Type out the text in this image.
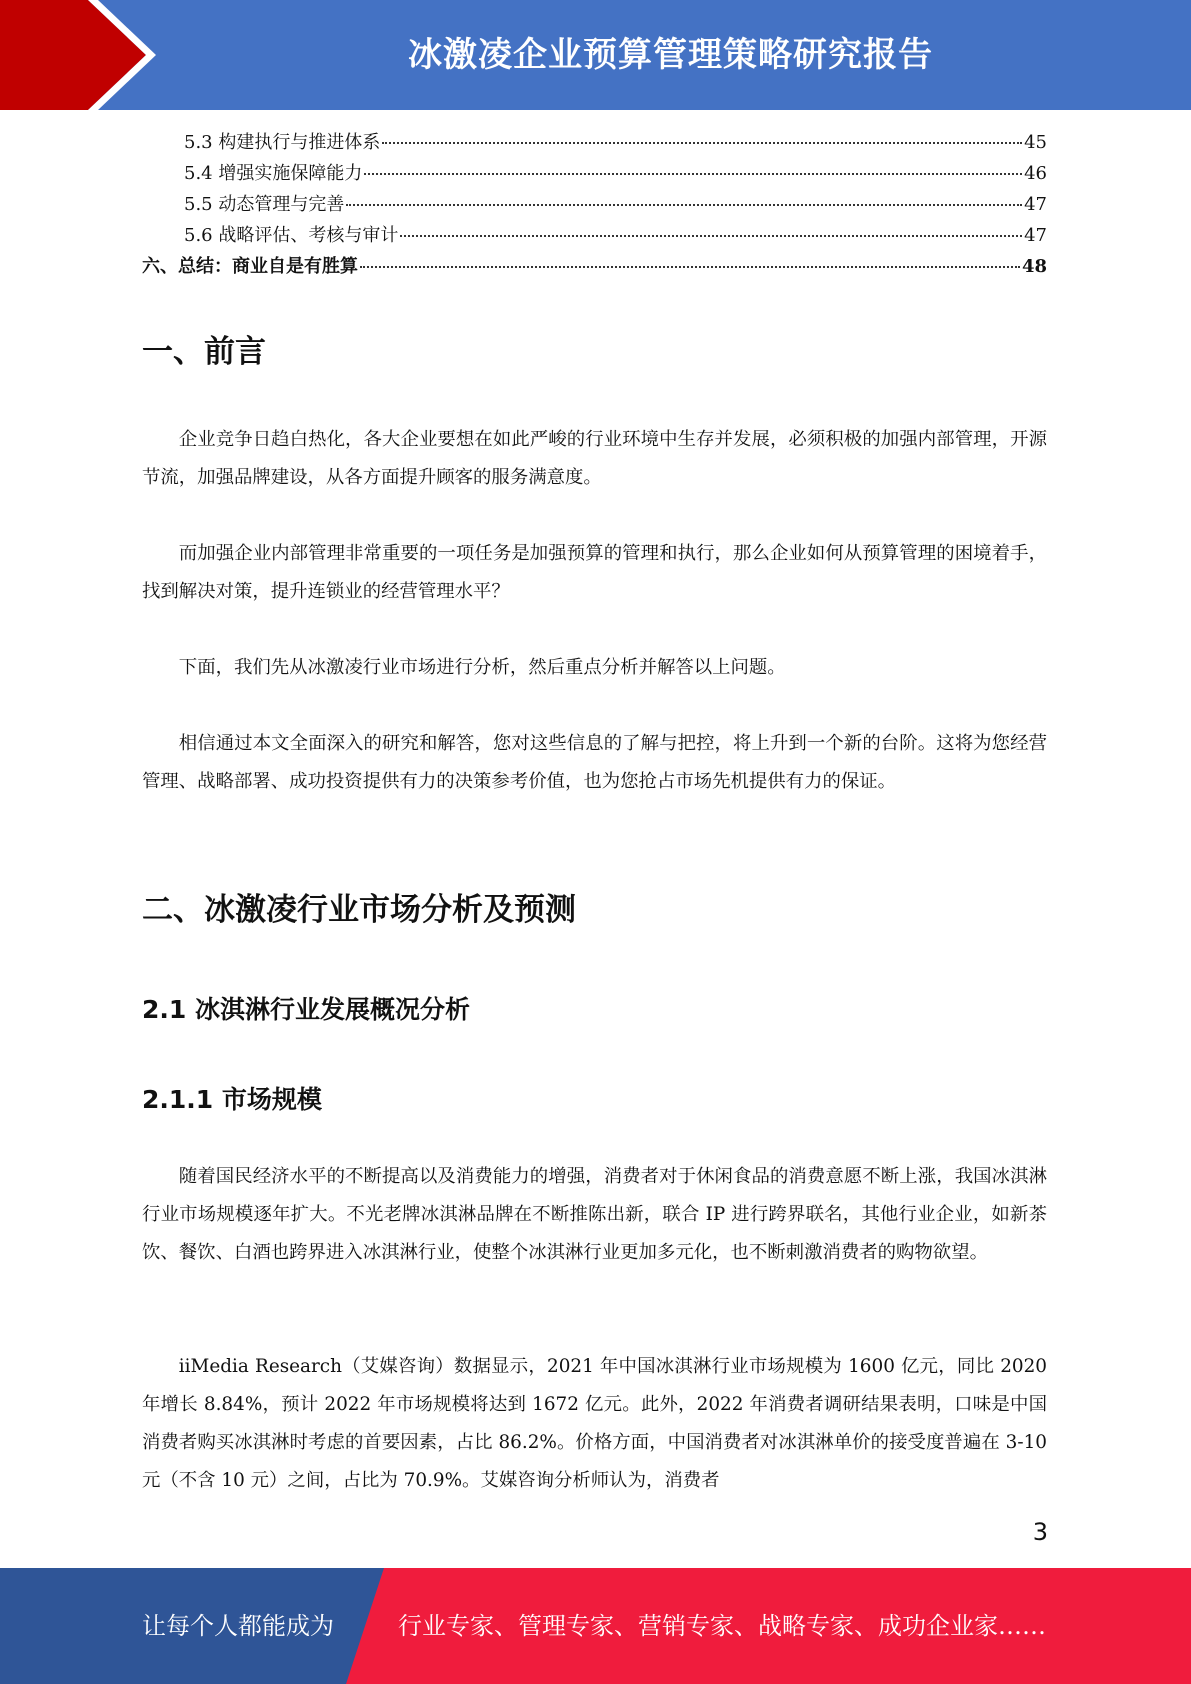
冰激凌企业预算管理策略研究报告
5.3 构建执行与推进体系	45
5.4 增强实施保障能力	46
5.5 动态管理与完善	47
5.6 战略评估、考核与审计	47
六、总结：商业自是有胜算	48
一、前言

企业竞争日趋白热化，各大企业要想在如此严峻的行业环境中生存并发展，必须积极的加强内部管理，开源节流，加强品牌建设，从各方面提升顾客的服务满意度。

而加强企业内部管理非常重要的一项任务是加强预算的管理和执行，那么企业如何从预算管理的困境着手，找到解决对策，提升连锁业的经营管理水平？

下面，我们先从冰激凌行业市场进行分析，然后重点分析并解答以上问题。

相信通过本文全面深入的研究和解答，您对这些信息的了解与把控，将上升到一个新的台阶。这将为您经营管理、战略部署、成功投资提供有力的决策参考价值，也为您抢占市场先机提供有力的保证。

二、冰激凌行业市场分析及预测
2.1 冰淇淋行业发展概况分析
2.1.1 市场规模

随着国民经济水平的不断提高以及消费能力的增强，消费者对于休闲食品的消费意愿不断上涨，我国冰淇淋行业市场规模逐年扩大。不光老牌冰淇淋品牌在不断推陈出新，联合 IP 进行跨界联名，其他行业企业，如新茶饮、餐饮、白酒也跨界进入冰淇淋行业，使整个冰淇淋行业更加多元化，也不断刺激消费者的购物欲望。

iiMedia Research（艾媒咨询）数据显示，2021 年中国冰淇淋行业市场规模为 1600 亿元，同比 2020 年增长 8.84%，预计 2022 年市场规模将达到 1672 亿元。此外，2022 年消费者调研结果表明，口味是中国消费者购买冰淇淋时考虑的首要因素，占比 86.2%。价格方面，中国消费者对冰淇淋单价的接受度普遍在 3-10 元（不含 10 元）之间，占比为 70.9%。艾媒咨询分析师认为，消费者

3
让每个人都能成为	行业专家、管理专家、营销专家、战略专家、成功企业家……
